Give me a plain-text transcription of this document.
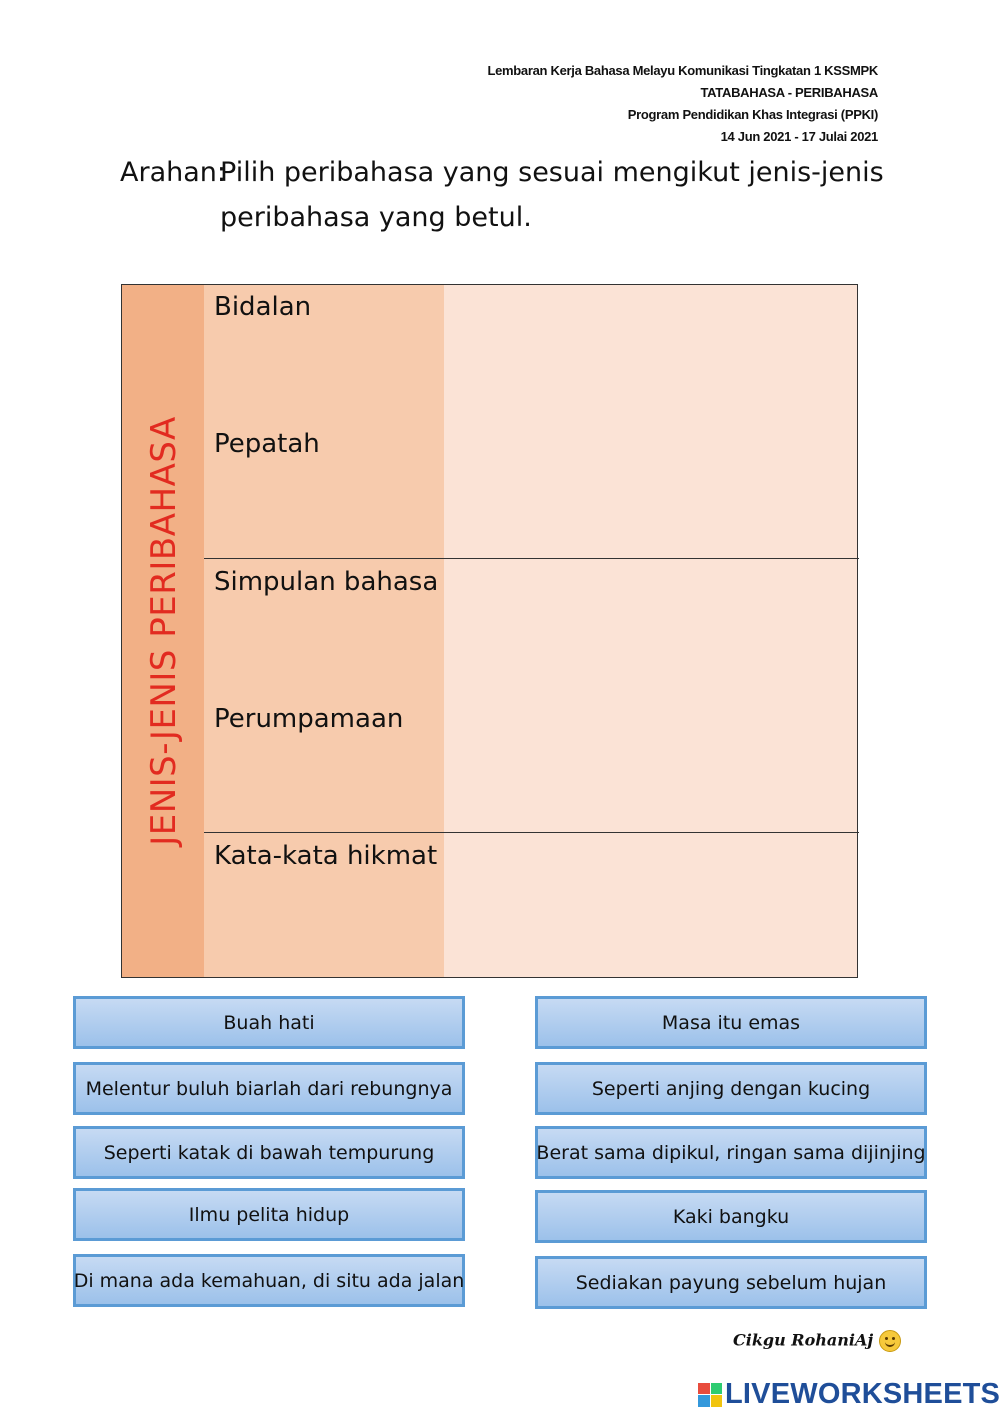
Lembaran Kerja Bahasa Melayu Komunikasi Tingkatan 1 KSSMPK
TATABAHASA - PERIBAHASA
Program Pendidikan Khas Integrasi (PPKI)
14 Jun 2021 - 17 Julai 2021
Arahan:Pilih peribahasa yang sesuai mengikut jenis-jenis
peribahasa yang betul.
JENIS-JENIS PERIBAHASA
Bidalan
Pepatah
Simpulan bahasa
Perumpamaan
Kata-kata hikmat
Buah hati
Melentur buluh biarlah dari rebungnya
Seperti katak di bawah tempurung
Ilmu pelita hidup
Di mana ada kemahuan, di situ ada jalan
Masa itu emas
Seperti anjing dengan kucing
Berat sama dipikul, ringan sama dijinjing
Kaki bangku
Sediakan payung sebelum hujan
Cikgu RohaniAj
LIVEWORKSHEETS
